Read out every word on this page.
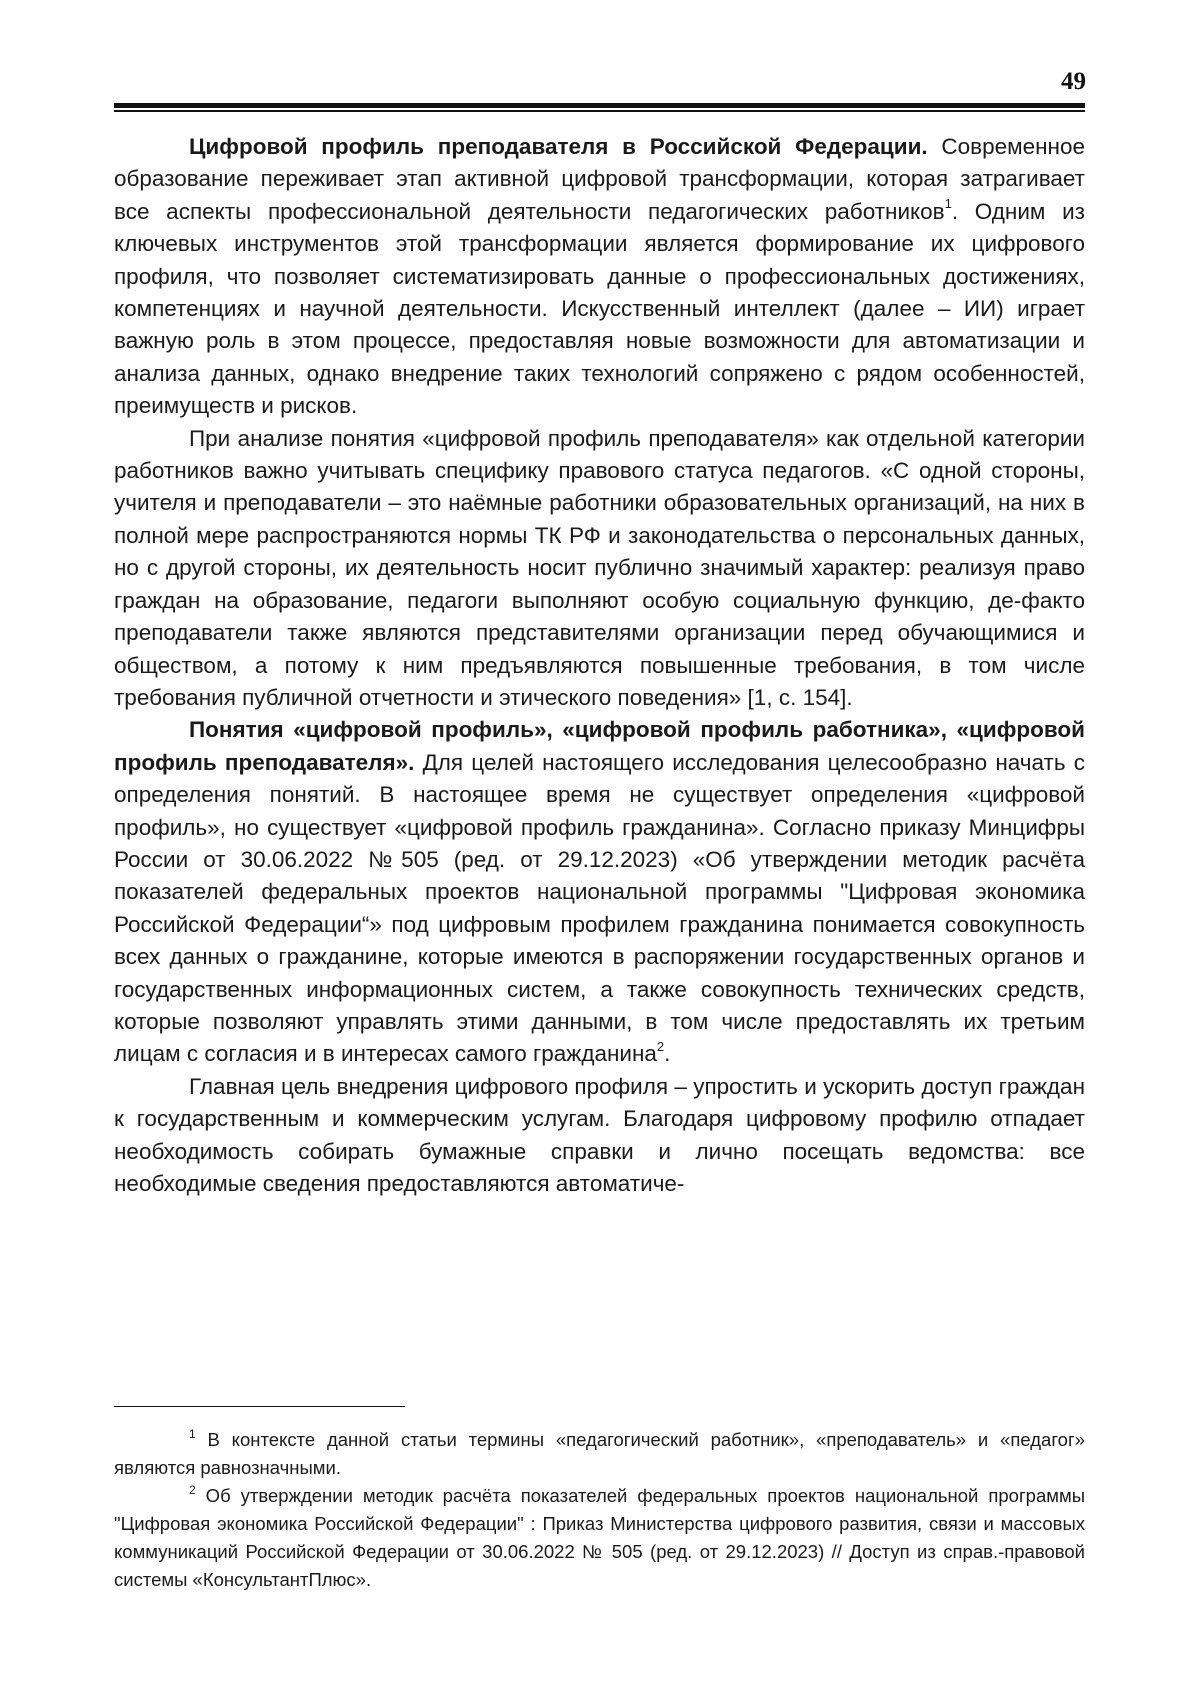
49

Цифровой профиль преподавателя в Российской Федерации. Современное образование переживает этап активной цифровой трансформации, которая затрагивает все аспекты профессиональной деятельности педагогических работников$^1$. Одним из ключевых инструментов этой трансформации является формирование их цифрового профиля, что позволяет систематизировать данные о профессиональных достижениях, компетенциях и научной деятельности. Искусственный интеллект (далее – ИИ) играет важную роль в этом процессе, предоставляя новые возможности для автоматизации и анализа данных, однако внедрение таких технологий сопряжено с рядом особенностей, преимуществ и рисков.

При анализе понятия «цифровой профиль преподавателя» как отдельной категории работников важно учитывать специфику правового статуса педагогов. «С одной стороны, учителя и преподаватели – это наёмные работники образовательных организаций, на них в полной мере распространяются нормы ТК РФ и законодательства о персональных данных, но с другой стороны, их деятельность носит публично значимый характер: реализуя право граждан на образование, педагоги выполняют особую социальную функцию, де-факто преподаватели также являются представителями организации перед обучающимися и обществом, а потому к ним предъявляются повышенные требования, в том числе требования публичной отчетности и этического поведения» [1, с. 154].

Понятия «цифровой профиль», «цифровой профиль работника», «цифровой профиль преподавателя». Для целей настоящего исследования целесообразно начать с определения понятий. В настоящее время не существует определения «цифровой профиль», но существует «цифровой профиль гражданина». Согласно приказу Минцифры России от 30.06.2022 №505 (ред. от 29.12.2023) «Об утверждении методик расчёта показателей федеральных проектов национальной программы "Цифровая экономика Российской Федерации“» под цифровым профилем гражданина понимается совокупность всех данных о гражданине, которые имеются в распоряжении государственных органов и государственных информационных систем, а также совокупность технических средств, которые позволяют управлять этими данными, в том числе предоставлять их третьим лицам с согласия и в интересах самого гражданина$^2$.

Главная цель внедрения цифрового профиля – упростить и ускорить доступ граждан к государственным и коммерческим услугам. Благодаря цифровому профилю отпадает необходимость собирать бумажные справки и лично посещать ведомства: все необходимые сведения предоставляются автоматиче-

$^1$ В контексте данной статьи термины «педагогический работник», «преподаватель» и «педагог» являются равнозначными.

$^2$ Об утверждении методик расчёта показателей федеральных проектов национальной программы "Цифровая экономика Российской Федерации" : Приказ Министерства цифрового развития, связи и массовых коммуникаций Российской Федерации от 30.06.2022 № 505 (ред. от 29.12.2023) // Доступ из справ.-правовой системы «КонсультантПлюс».
